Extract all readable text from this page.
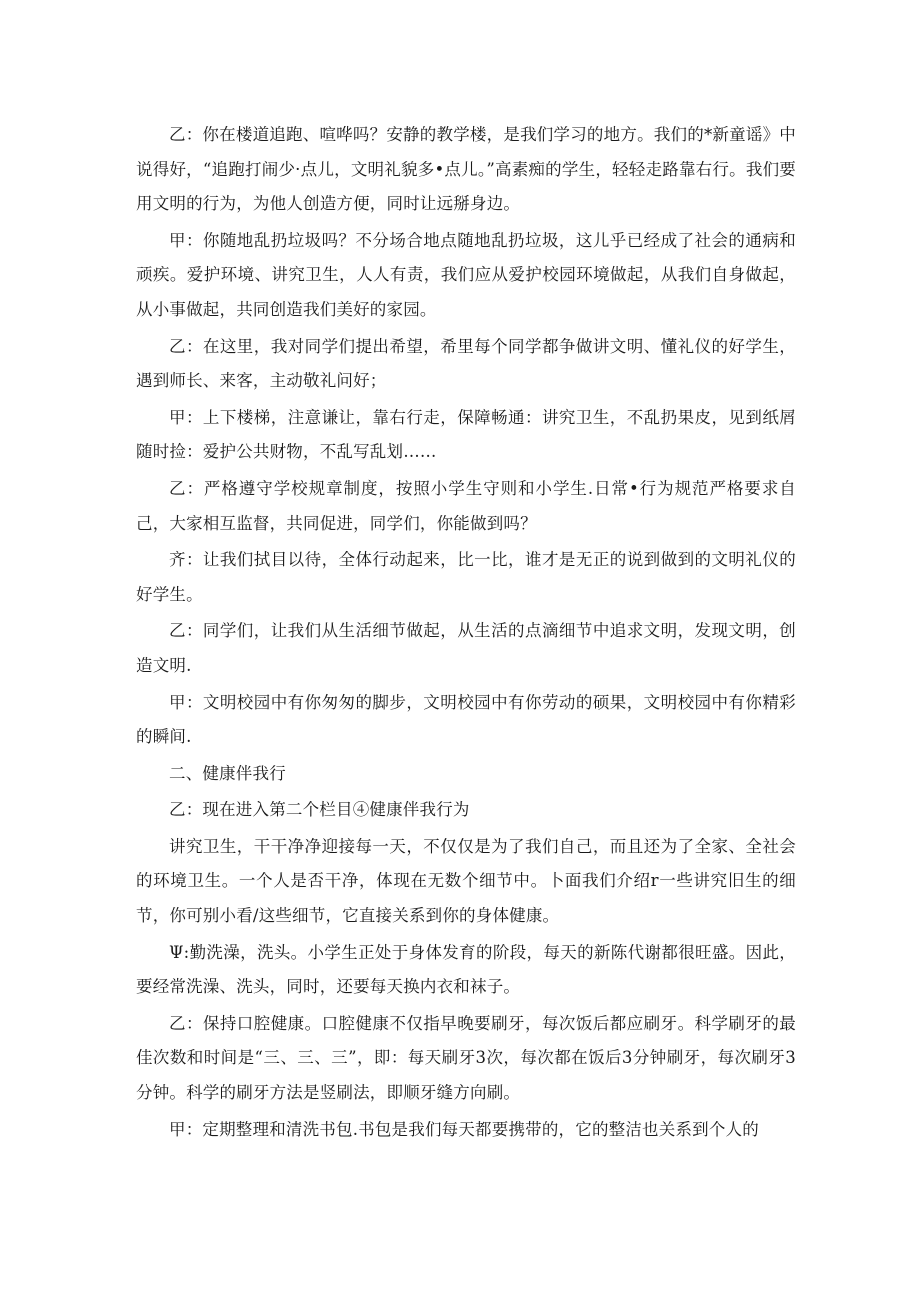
乙：你在楼道追跑、喧哗吗？安静的教学楼，是我们学习的地方。我们的*新童谣》中说得好，“追跑打闹少·点儿，文明礼貌多•点儿。”高素痴的学生，轻轻走路靠右行。我们要用文明的行为，为他人创造方便，同时让远掰身边。

甲：你随地乱扔垃圾吗？不分场合地点随地乱扔垃圾，这儿乎已经成了社会的通病和顽疾。爱护环境、讲究卫生，人人有责，我们应从爱护校园环境做起，从我们自身做起，从小事做起，共同创造我们美好的家园。

乙：在这里，我对同学们提出希望，希里每个同学都争做讲文明、懂礼仪的好学生，遇到师长、来客，主动敬礼问好；

甲：上下楼梯，注意谦让，靠右行走，保障畅通：讲究卫生，不乱扔果皮，见到纸屑随时捡：爱护公共财物，不乱写乱划……

乙：严格遵守学校规章制度，按照小学生守则和小学生.日常•行为规范严格要求自己，大家相互监督，共同促进，同学们，你能做到吗？

齐：让我们拭目以待，全体行动起来，比一比，谁才是无正的说到做到的文明礼仪的好学生。

乙：同学们，让我们从生活细节做起，从生活的点滴细节中追求文明，发现文明，创造文明.

甲：文明校园中有你匆匆的脚步，文明校园中有你劳动的硕果，文明校园中有你精彩的瞬间.

二、健康伴我行

乙：现在进入第二个栏目④健康伴我行为

讲究卫生，干干净净迎接每一天，不仅仅是为了我们自己，而且还为了全家、全社会的环境卫生。一个人是否干净，体现在无数个细节中。卜面我们介绍r一些讲究旧生的细节，你可别小看/这些细节，它直接关系到你的身体健康。

Ψ:勤洗澡，洗头。小学生正处于身体发育的阶段，每天的新陈代谢都很旺盛。因此，要经常洗澡、洗头，同时，还要每天换内衣和袜子。

乙：保持口腔健康。口腔健康不仅指早晚要刷牙，每次饭后都应刷牙。科学刷牙的最佳次数和时间是“三、三、三”，即：每天刷牙3次，每次都在饭后3分钟刷牙，每次刷牙3分钟。科学的刷牙方法是竖刷法，即顺牙缝方向刷。

甲：定期整理和清洗书包.书包是我们每天都要携带的，它的整洁也关系到个人的
